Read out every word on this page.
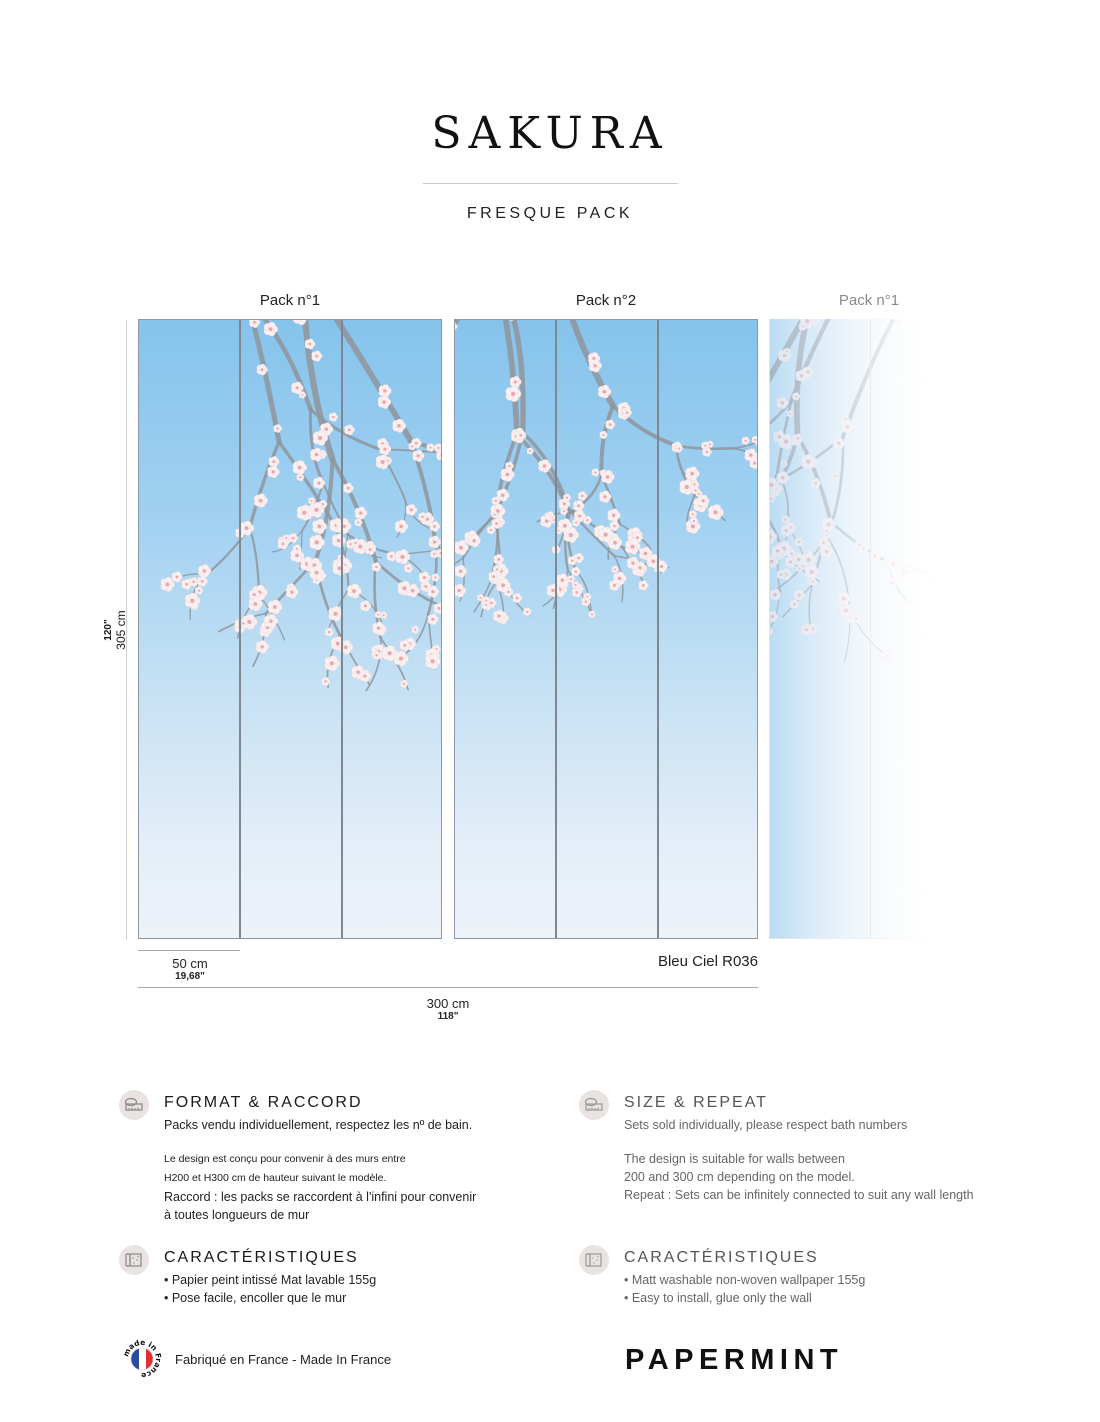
SAKURA
FRESQUE PACK
Pack n°1	Pack n°2	Pack n°1
120" 305 cm
50 cm
19,68"
Bleu Ciel R036
300 cm
118"
FORMAT & RACCORD
Packs vendu individuellement, respectez les nº de bain.
Le design est conçu pour convenir à des murs entre
H200 et H300 cm de hauteur suivant le modèle.
Raccord : les packs se raccordent à l'infini pour convenir
à toutes longueurs de mur
SIZE & REPEAT
Sets sold individually, please respect bath numbers
The design is suitable for walls between
200 and 300 cm depending on the model.
Repeat : Sets can be infinitely connected to suit any wall length
CARACTÉRISTIQUES
• Papier peint intissé Mat lavable 155g
• Pose facile, encoller que le mur
CARACTÉRISTIQUES
• Matt washable non-woven wallpaper 155g
• Easy to install, glue only the wall
made in France
Fabriqué en France - Made In France	PAPERMINT
